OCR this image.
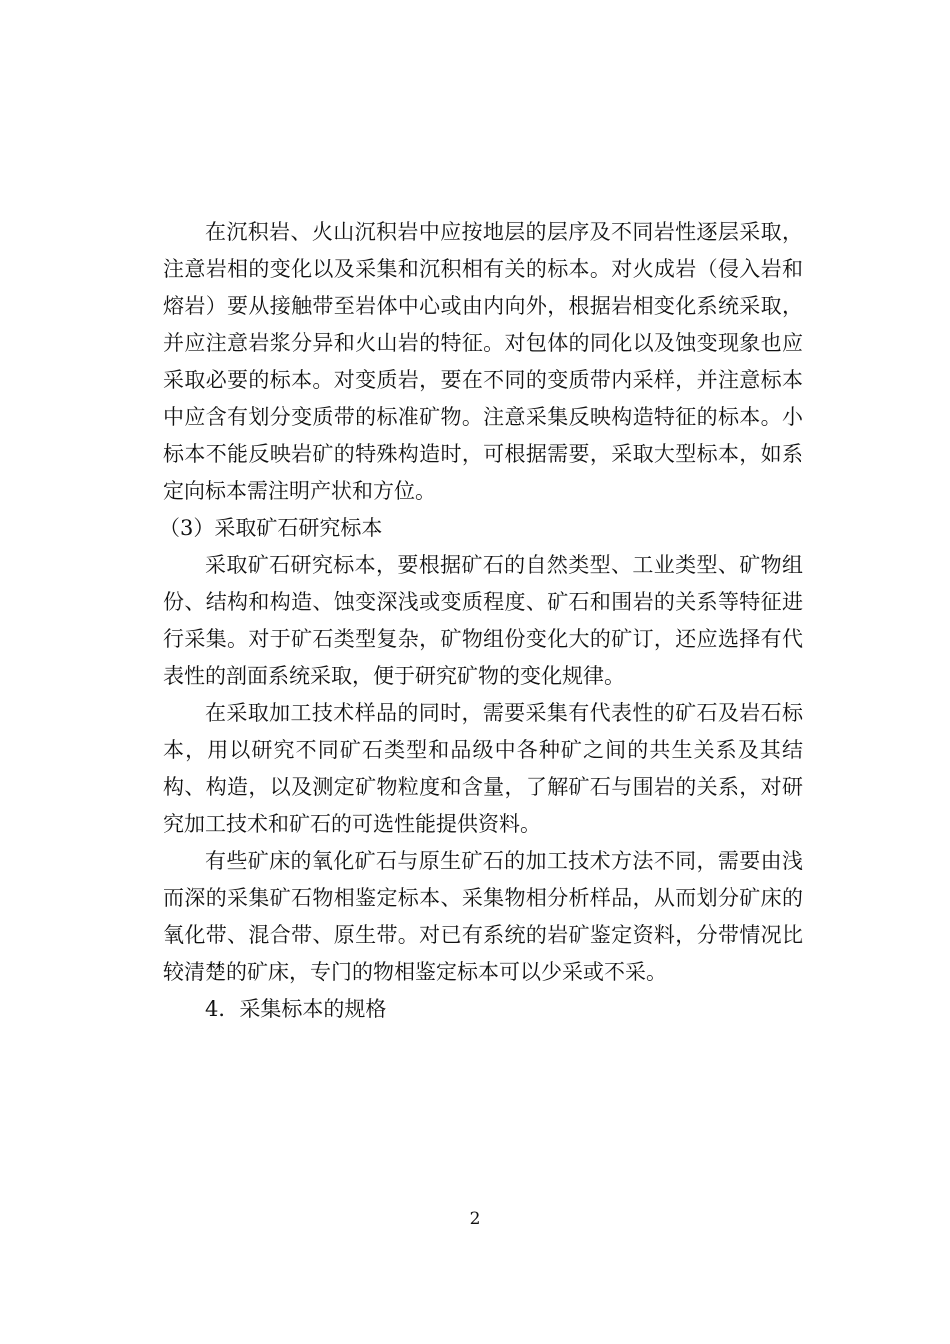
在沉积岩、火山沉积岩中应按地层的层序及不同岩性逐层采取，注意岩相的变化以及采集和沉积相有关的标本。对火成岩（侵入岩和熔岩）要从接触带至岩体中心或由内向外，根据岩相变化系统采取，并应注意岩浆分异和火山岩的特征。对包体的同化以及蚀变现象也应采取必要的标本。对变质岩，要在不同的变质带内采样，并注意标本中应含有划分变质带的标准矿物。注意采集反映构造特征的标本。小标本不能反映岩矿的特殊构造时，可根据需要，采取大型标本，如系定向标本需注明产状和方位。

（3）采取矿石研究标本

采取矿石研究标本，要根据矿石的自然类型、工业类型、矿物组份、结构和构造、蚀变深浅或变质程度、矿石和围岩的关系等特征进行采集。对于矿石类型复杂，矿物组份变化大的矿订，还应选择有代表性的剖面系统采取，便于研究矿物的变化规律。

在采取加工技术样品的同时，需要采集有代表性的矿石及岩石标本，用以研究不同矿石类型和品级中各种矿之间的共生关系及其结构、构造，以及测定矿物粒度和含量，了解矿石与围岩的关系，对研究加工技术和矿石的可选性能提供资料。

有些矿床的氧化矿石与原生矿石的加工技术方法不同，需要由浅而深的采集矿石物相鉴定标本、采集物相分析样品，从而划分矿床的氧化带、混合带、原生带。对已有系统的岩矿鉴定资料，分带情况比较清楚的矿床，专门的物相鉴定标本可以少采或不采。

4．采集标本的规格

2
